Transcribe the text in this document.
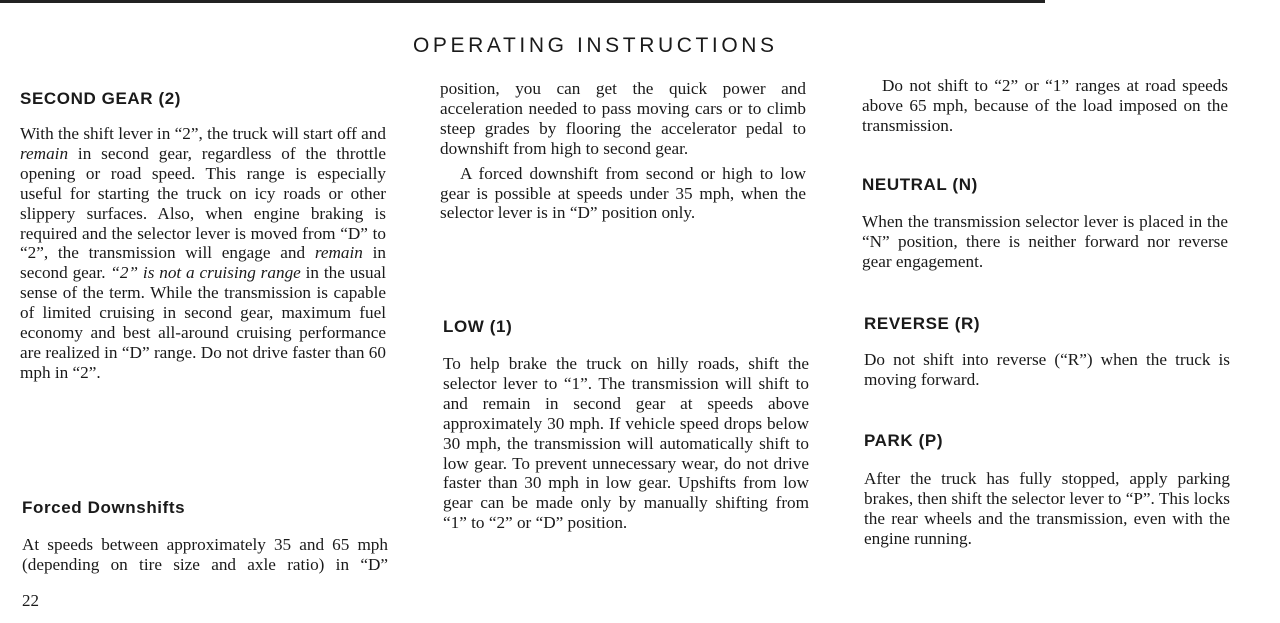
OPERATING INSTRUCTIONS
SECOND GEAR (2)

With the shift lever in “2”, the truck will start off and remain in second gear, regardless of the throttle opening or road speed. This range is especially useful for starting the truck on icy roads or other slippery surfaces. Also, when engine braking is required and the selector lever is moved from “D” to “2”, the transmission will engage and remain in second gear. “2” is not a cruising range in the usual sense of the term. While the transmission is capable of limited cruising in second gear, maximum fuel economy and best all-around cruising performance are realized in “D” range. Do not drive faster than 60 mph in “2”.

Forced Downshifts

At speeds between approximately 35 and 65 mph (depending on tire size and axle ratio) in “D”

22

position, you can get the quick power and acceleration needed to pass moving cars or to climb steep grades by flooring the accelerator pedal to downshift from high to second gear.

A forced downshift from second or high to low gear is possible at speeds under 35 mph, when the selector lever is in “D” position only.

LOW (1)

To help brake the truck on hilly roads, shift the selector lever to “1”. The transmission will shift to and remain in second gear at speeds above approximately 30 mph. If vehicle speed drops below 30 mph, the transmission will automatically shift to low gear. To prevent unnecessary wear, do not drive faster than 30 mph in low gear. Upshifts from low gear can be made only by manually shifting from “1” to “2” or “D” position.

Do not shift to “2” or “1” ranges at road speeds above 65 mph, because of the load imposed on the transmission.

NEUTRAL (N)

When the transmission selector lever is placed in the “N” position, there is neither forward nor reverse gear engagement.

REVERSE (R)

Do not shift into reverse (“R”) when the truck is moving forward.

PARK (P)

After the truck has fully stopped, apply parking brakes, then shift the selector lever to “P”. This locks the rear wheels and the transmission, even with the engine running.
